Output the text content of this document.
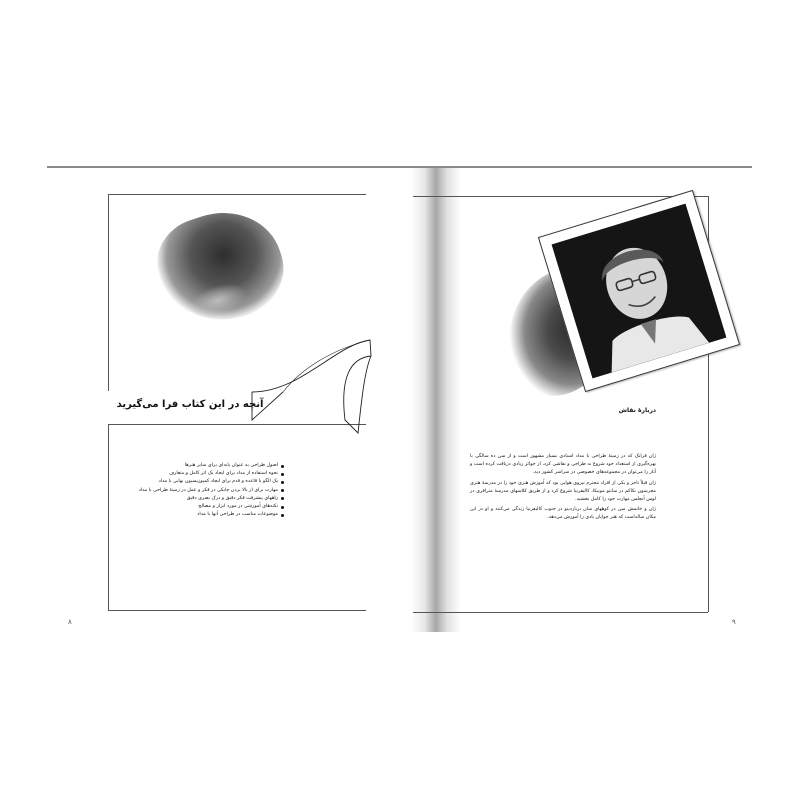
آنچه در این کتاب فرا می‌گیرید
اصول طراحی به عنوان پایه‌ای برای سایر هنرها
نحوه استفاده از مداد برای ایجاد یک اثر کامل و متعارف
یک الگو با قاعده و قدم برای ایجاد کمپوزیسیون نهایی با مداد
مهارت برای از بالا بردن چابکی در فکر و عمل در زمینهٔ طراحی با مداد
راههای پیشرفت فکر دقیق و درک بصری دقیق
نکته‌های آموزشی در مورد ابزار و مصالح
موضوعات مناسب در طراحی آنها با مداد
۸
دربارهٔ نقاش

ژان فرانک که در زمینهٔ طراحی با مداد استادی بسیار مشهور است و از سن ده سالگی با بهره‌گیری از استعداد خود شروع به طراحی و نقاشی کرد، از جوائز زیادی دریافت کرده است و آثار را می‌توان در مجموعه‌های خصوصی در سراسر کشور دید.

ژان قبلاً تاجر و یکی از افراد محترم نیروی هوایی بود که آموزش هنری خود را در مدرسهٔ هنری مجرسون نکاکم در سانتو مونیکا، کالیفرنیا شروع کرد و از طریق کلاسهای مدرسهٔ مترافری در لوس آنجلس مهارت خود را کامل بخشید.

ژان و خانمش مین در کوههای سان برناردینو در جنوب کالیفرنیا زندگی می‌کنند و او در این مکان ساله‌است که هنر جوایان یادی را آموزش می‌دهد.

۹
